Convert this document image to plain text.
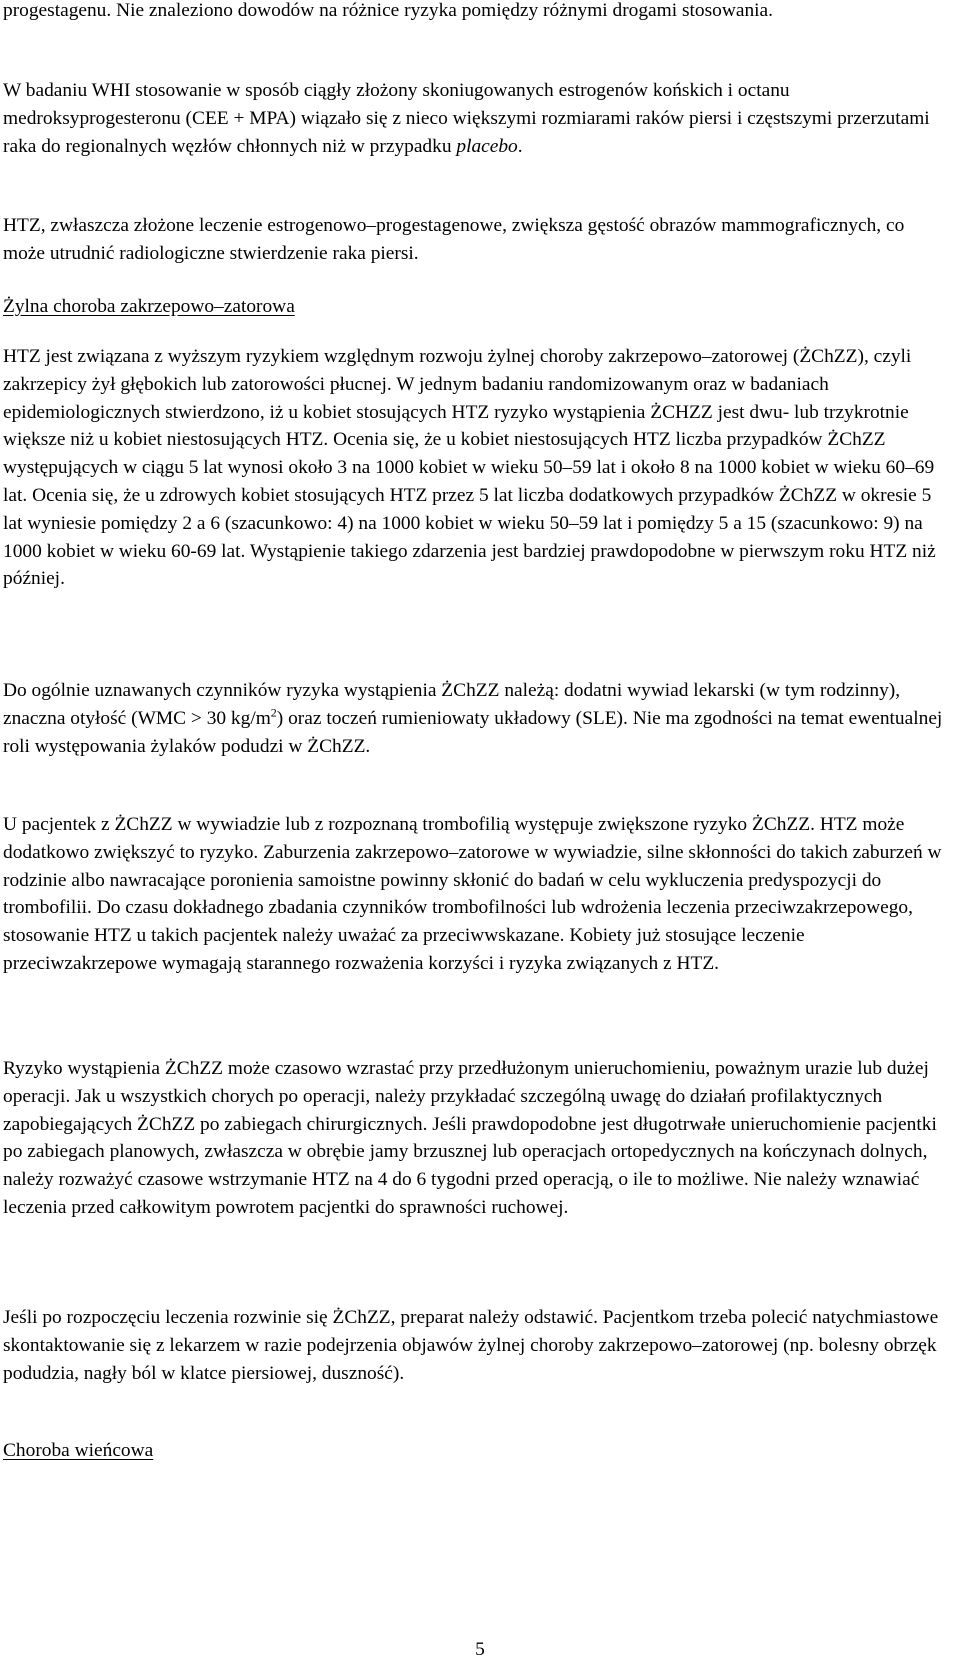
progestagenu. Nie znaleziono dowodów na różnice ryzyka pomiędzy różnymi drogami stosowania.

W badaniu WHI stosowanie w sposób ciągły złożony skoniugowanych estrogenów końskich i octanu medroksyprogesteronu (CEE + MPA) wiązało się z nieco większymi rozmiarami raków piersi i częstszymi przerzutami raka do regionalnych węzłów chłonnych niż w przypadku placebo.

HTZ, zwłaszcza złożone leczenie estrogenowo–progestagenowe, zwiększa gęstość obrazów mammograficznych, co może utrudnić radiologiczne stwierdzenie raka piersi.

Żylna choroba zakrzepowo–zatorowa

HTZ jest związana z wyższym ryzykiem względnym rozwoju żylnej choroby zakrzepowo–zatorowej (ŻChZZ), czyli zakrzepicy żył głębokich lub zatorowości płucnej. W jednym badaniu randomizowanym oraz w badaniach epidemiologicznych stwierdzono, iż u kobiet stosujących HTZ ryzyko wystąpienia ŻCHZZ jest dwu- lub trzykrotnie większe niż u kobiet niestosujących HTZ. Ocenia się, że u kobiet niestosujących HTZ liczba przypadków ŻChZZ występujących w ciągu 5 lat wynosi około 3 na 1000 kobiet w wieku 50–59 lat i około 8 na 1000 kobiet w wieku 60–69 lat. Ocenia się, że u zdrowych kobiet stosujących HTZ przez 5 lat liczba dodatkowych przypadków ŻChZZ w okresie 5 lat wyniesie pomiędzy 2 a 6 (szacunkowo: 4) na 1000 kobiet w wieku 50–59 lat i pomiędzy 5 a 15 (szacunkowo: 9) na 1000 kobiet w wieku 60-69 lat. Wystąpienie takiego zdarzenia jest bardziej prawdopodobne w pierwszym roku HTZ niż później.

Do ogólnie uznawanych czynników ryzyka wystąpienia ŻChZZ należą: dodatni wywiad lekarski (w tym rodzinny), znaczna otyłość (WMC > 30 $kg/m^2$) oraz toczeń rumieniowaty układowy (SLE). Nie ma zgodności na temat ewentualnej roli występowania żylaków podudzi w ŻChZZ.

U pacjentek z ŻChZZ w wywiadzie lub z rozpoznaną trombofilią występuje zwiększone ryzyko ŻChZZ. HTZ może dodatkowo zwiększyć to ryzyko. Zaburzenia zakrzepowo–zatorowe w wywiadzie, silne skłonności do takich zaburzeń w rodzinie albo nawracające poronienia samoistne powinny skłonić do badań w celu wykluczenia predyspozycji do trombofilii. Do czasu dokładnego zbadania czynników trombofilności lub wdrożenia leczenia przeciwzakrzepowego, stosowanie HTZ u takich pacjentek należy uważać za przeciwwskazane. Kobiety już stosujące leczenie przeciwzakrzepowe wymagają starannego rozważenia korzyści i ryzyka związanych z HTZ.

Ryzyko wystąpienia ŻChZZ może czasowo wzrastać przy przedłużonym unieruchomieniu, poważnym urazie lub dużej operacji. Jak u wszystkich chorych po operacji, należy przykładać szczególną uwagę do działań profilaktycznych zapobiegających ŻChZZ po zabiegach chirurgicznych. Jeśli prawdopodobne jest długotrwałe unieruchomienie pacjentki po zabiegach planowych, zwłaszcza w obrębie jamy brzusznej lub operacjach ortopedycznych na kończynach dolnych, należy rozważyć czasowe wstrzymanie HTZ na 4 do 6 tygodni przed operacją, o ile to możliwe. Nie należy wznawiać leczenia przed całkowitym powrotem pacjentki do sprawności ruchowej.

Jeśli po rozpoczęciu leczenia rozwinie się ŻChZZ, preparat należy odstawić. Pacjentkom trzeba polecić natychmiastowe skontaktowanie się z lekarzem w razie podejrzenia objawów żylnej choroby zakrzepowo–zatorowej (np. bolesny obrzęk podudzia, nagły ból w klatce piersiowej, duszność).

Choroba wieńcowa

5
